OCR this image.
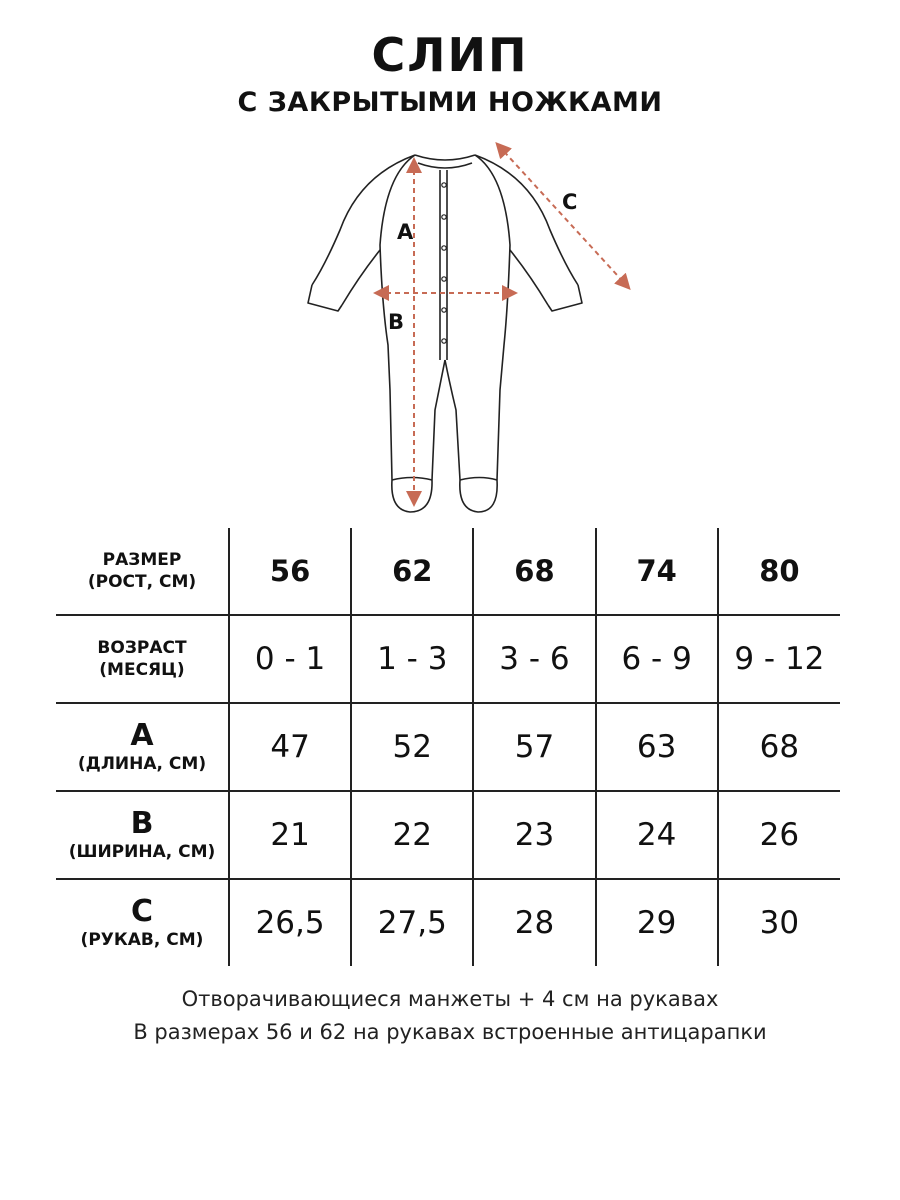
СЛИП
С ЗАКРЫТЫМИ НОЖКАМИ
A
B
C
РАЗМЕР
(РОСТ, СМ)	56	62	68	74	80

ВОЗРАСТ
(МЕСЯЦ)	0 - 1	1 - 3	3 - 6	6 - 9	9 - 12

A
(ДЛИНА, СМ)	47	52	57	63	68

B
(ШИРИНА, СМ)	21	22	23	24	26

C
(РУКАВ, СМ)	26,5	27,5	28	29	30
Отворачивающиеся манжеты + 4 см на рукавах
В размерах 56 и 62 на рукавах встроенные антицарапки
